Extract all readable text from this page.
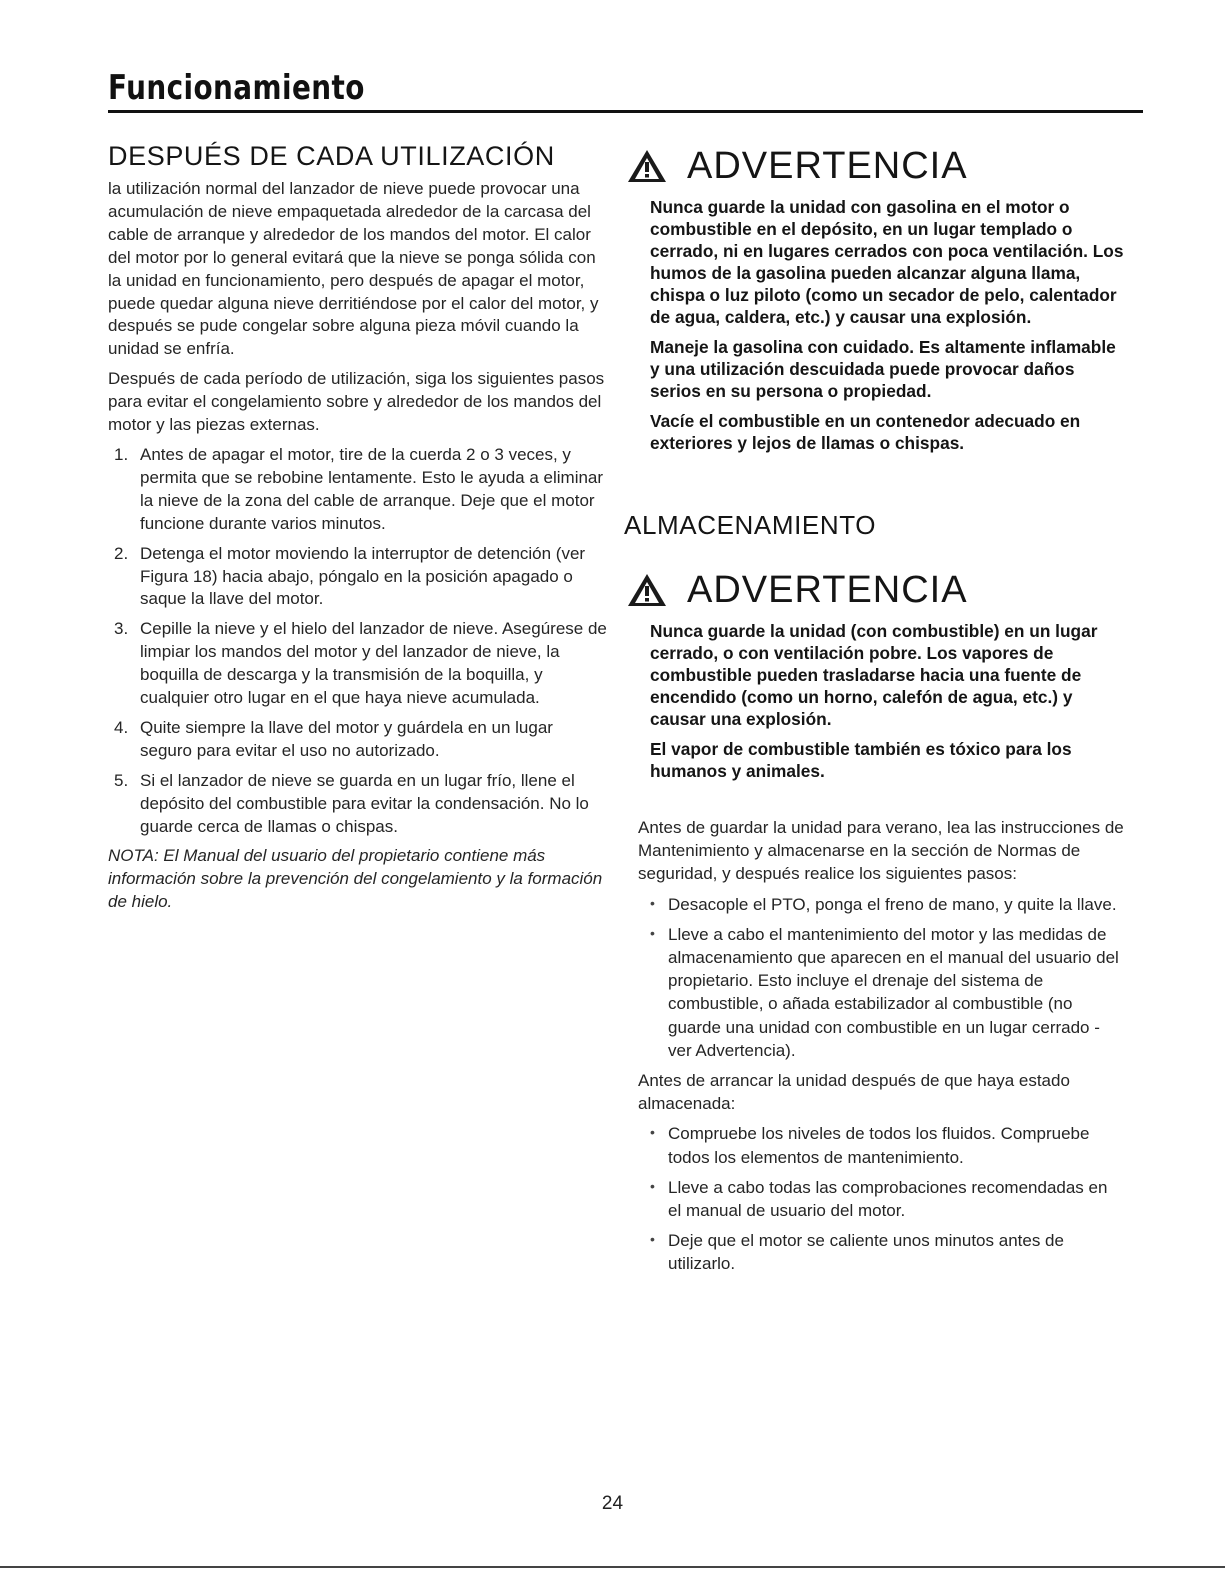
Funcionamiento
DESPUÉS DE CADA UTILIZACIÓN

la utilización normal del lanzador de nieve puede provocar una acumulación de nieve empaquetada alrededor de la carcasa del cable de arranque y alrededor de los mandos del motor. El calor del motor por lo general evitará que la nieve se ponga sólida con la unidad en funcionamiento, pero después de apagar el motor, puede quedar alguna nieve derritiéndose por el calor del motor, y después se pude congelar sobre alguna pieza móvil cuando la unidad se enfría.

Después de cada período de utilización, siga los siguientes pasos para evitar el congelamiento sobre y alrededor de los mandos del motor y las piezas externas.

1. Antes de apagar el motor, tire de la cuerda 2 o 3 veces, y permita que se rebobine lentamente. Esto le ayuda a eliminar la nieve de la zona del cable de arranque. Deje que el motor funcione durante varios minutos.
2. Detenga el motor moviendo la interruptor de detención (ver Figura 18) hacia abajo, póngalo en la posición apagado o saque la llave del motor.
3. Cepille la nieve y el hielo del lanzador de nieve. Asegúrese de limpiar los mandos del motor y del lanzador de nieve, la boquilla de descarga y la transmisión de la boquilla, y cualquier otro lugar en el que haya nieve acumulada.
4. Quite siempre la llave del motor y guárdela en un lugar seguro para evitar el uso no autorizado.
5. Si el lanzador de nieve se guarda en un lugar frío, llene el depósito del combustible para evitar la condensación. No lo guarde cerca de llamas o chispas.

NOTA: El Manual del usuario del propietario contiene más información sobre la prevención del congelamiento y la formación de hielo.

ADVERTENCIA

Nunca guarde la unidad con gasolina en el motor o combustible en el depósito, en un lugar templado o cerrado, ni en lugares cerrados con poca ventilación. Los humos de la gasolina pueden alcanzar alguna llama, chispa o luz piloto (como un secador de pelo, calentador de agua, caldera, etc.) y causar una explosión.

Maneje la gasolina con cuidado. Es altamente inflamable y una utilización descuidada puede provocar daños serios en su persona o propiedad.

Vacíe el combustible en un contenedor adecuado en exteriores y lejos de llamas o chispas.

ALMACENAMIENTO
ADVERTENCIA

Nunca guarde la unidad (con combustible) en un lugar cerrado, o con ventilación pobre. Los vapores de combustible pueden trasladarse hacia una fuente de encendido (como un horno, calefón de agua, etc.) y causar una explosión.

El vapor de combustible también es tóxico para los humanos y animales.

Antes de guardar la unidad para verano, lea las instrucciones de Mantenimiento y almacenarse en la sección de Normas de seguridad, y después realice los siguientes pasos:

• Desacople el PTO, ponga el freno de mano, y quite la llave.
• Lleve a cabo el mantenimiento del motor y las medidas de almacenamiento que aparecen en el manual del usuario del propietario. Esto incluye el drenaje del sistema de combustible, o añada estabilizador al combustible (no guarde una unidad con combustible en un lugar cerrado - ver Advertencia).

Antes de arrancar la unidad después de que haya estado almacenada:

• Compruebe los niveles de todos los fluidos. Compruebe todos los elementos de mantenimiento.
• Lleve a cabo todas las comprobaciones recomendadas en el manual de usuario del motor.
• Deje que el motor se caliente unos minutos antes de utilizarlo.
24
